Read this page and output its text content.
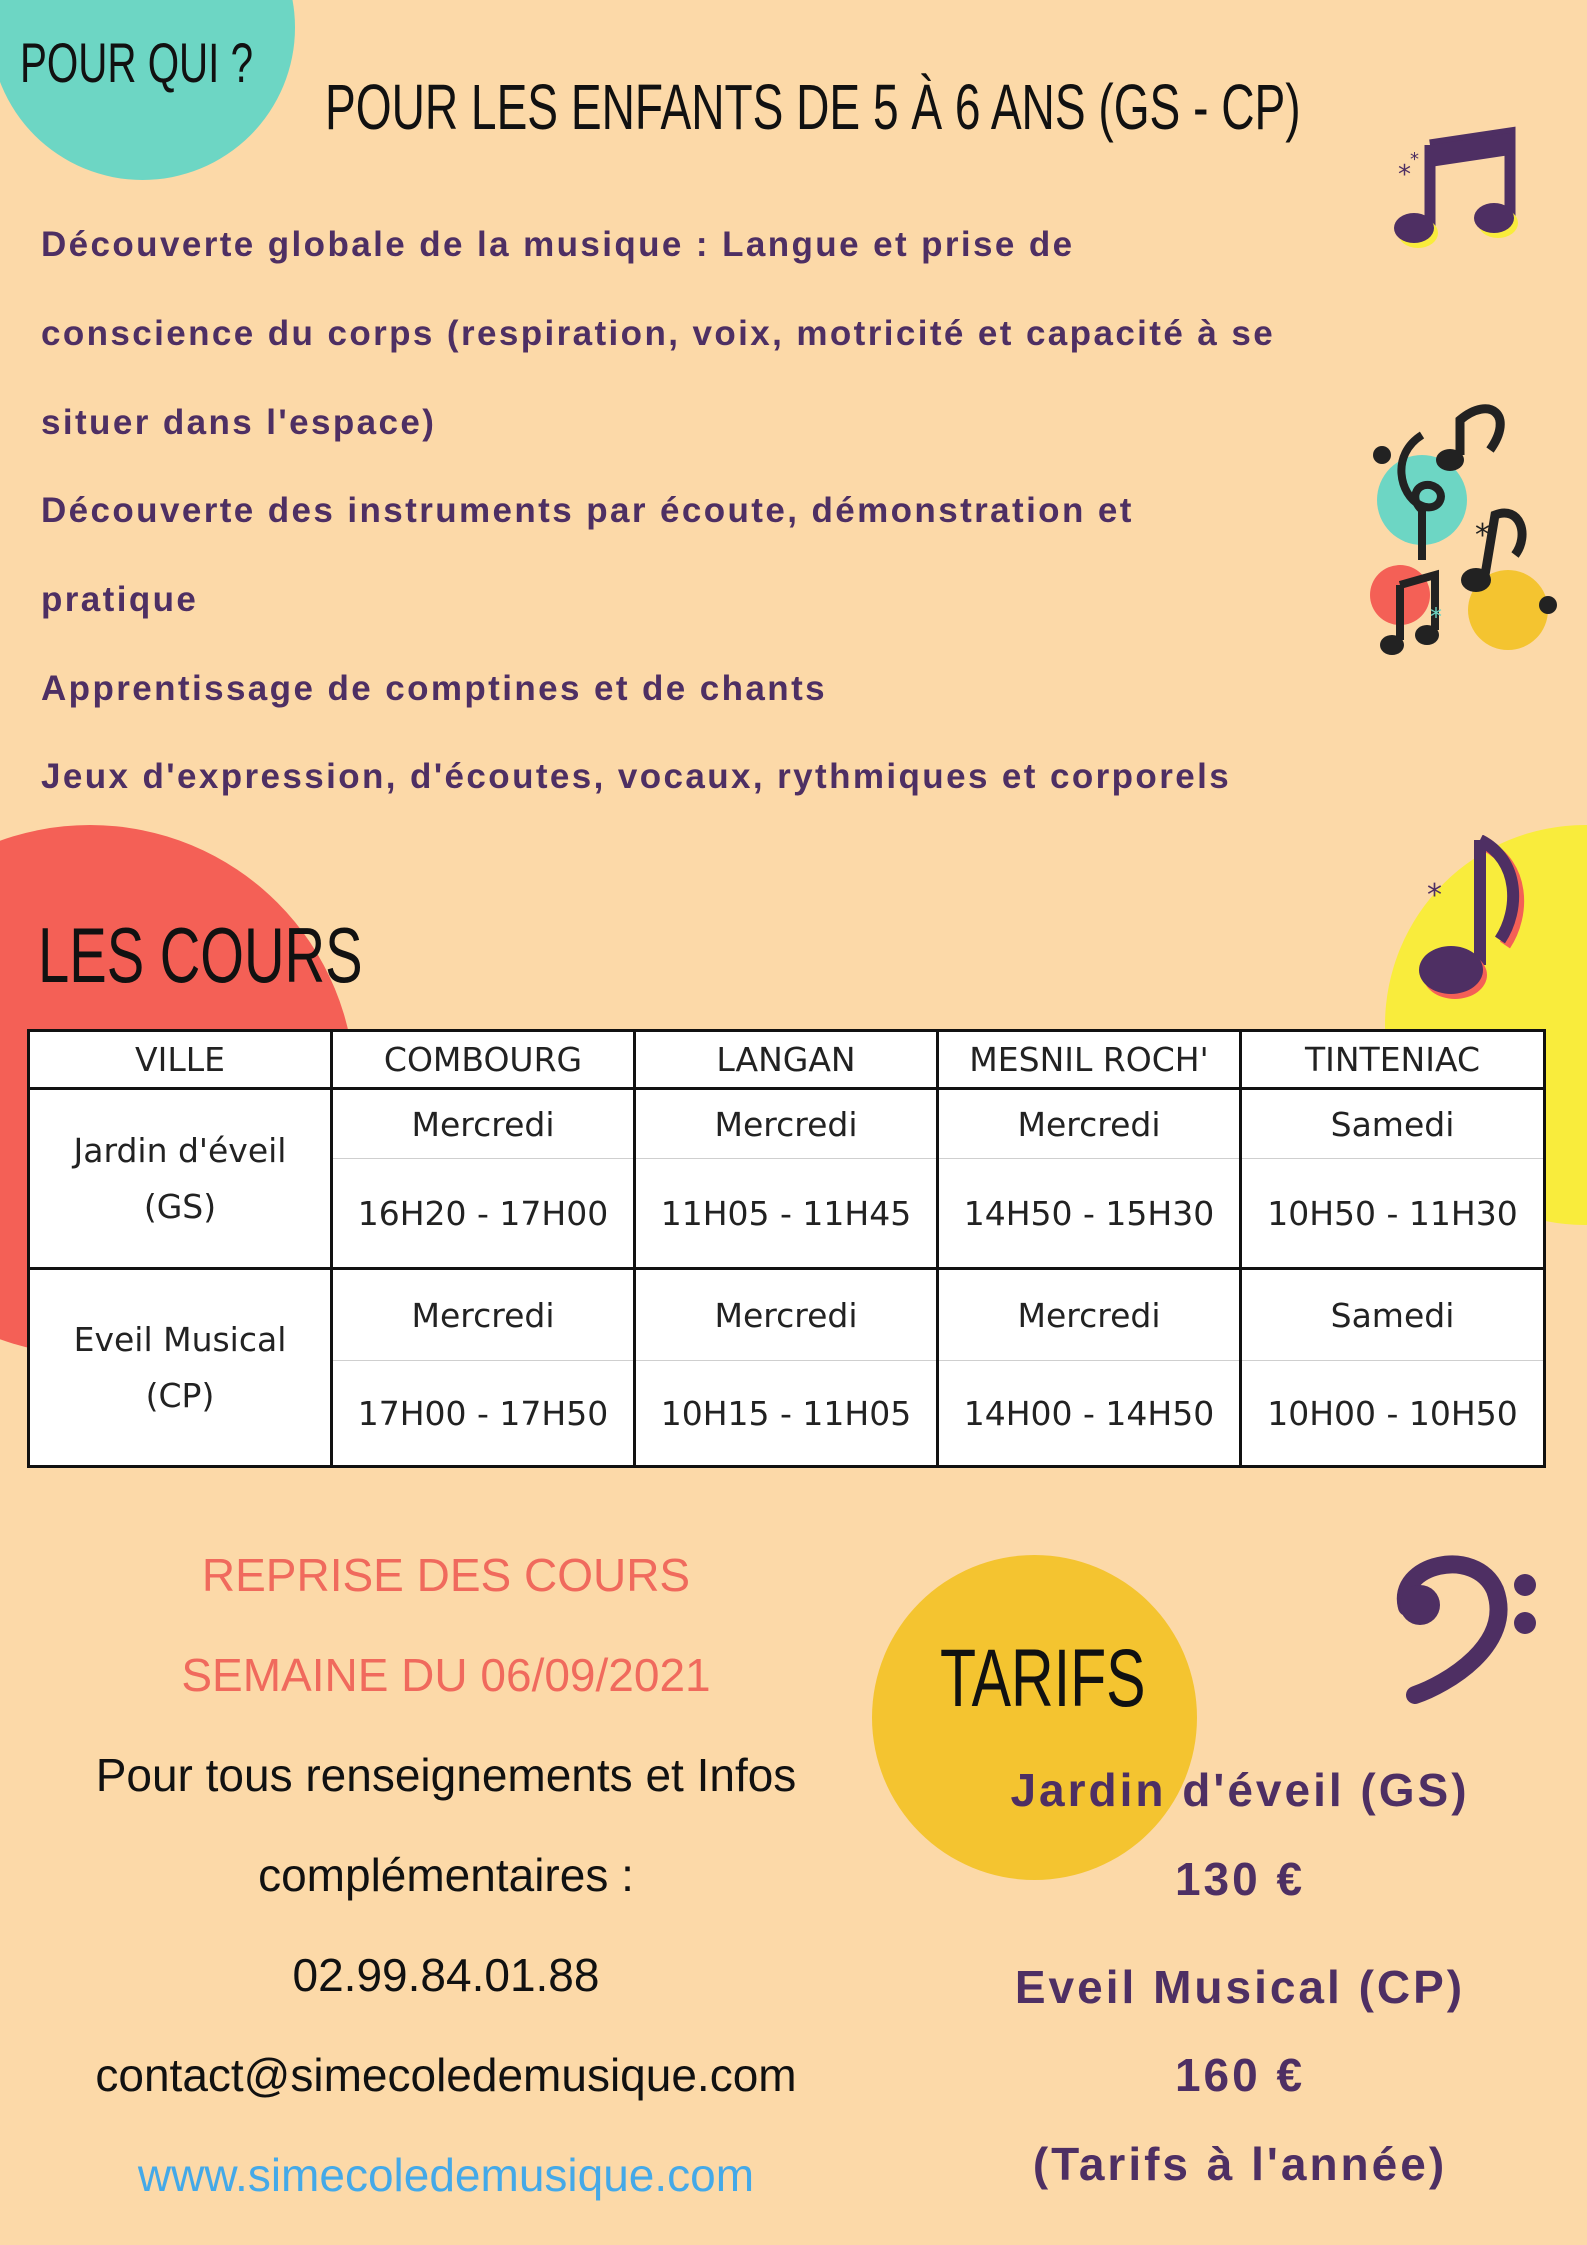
POUR QUI ?
POUR LES ENFANTS DE 5 À 6 ANS (GS - CP)
*
*
*
*
Découverte globale de la musique : Langue et prise de
conscience du corps (respiration, voix, motricité et capacité à se
situer dans l'espace)
Découverte des instruments par écoute, démonstration et
pratique
Apprentissage de comptines et de chants
Jeux d'expression, d'écoutes, vocaux, rythmiques et corporels
*
LES COURS
VILLE	COMBOURG	LANGAN	MESNIL ROCH'	TINTENIAC

Jardin d'éveil
(GS)	Mercredi	Mercredi	Mercredi	Samedi
	16H20 - 17H00	11H05 - 11H45	14H50 - 15H30	10H50 - 11H30

Eveil Musical
(CP)	Mercredi	Mercredi	Mercredi	Samedi
	17H00 - 17H50	10H15 - 11H05	14H00 - 14H50	10H00 - 10H50
REPRISE DES COURS
SEMAINE DU 06/09/2021
Pour tous renseignements et Infos
complémentaires :
02.99.84.01.88
contact@simecoledemusique.com
www.simecoledemusique.com
TARIFS
Jardin d'éveil (GS)
130 €
Eveil Musical (CP)
160 €
(Tarifs à l'année)
